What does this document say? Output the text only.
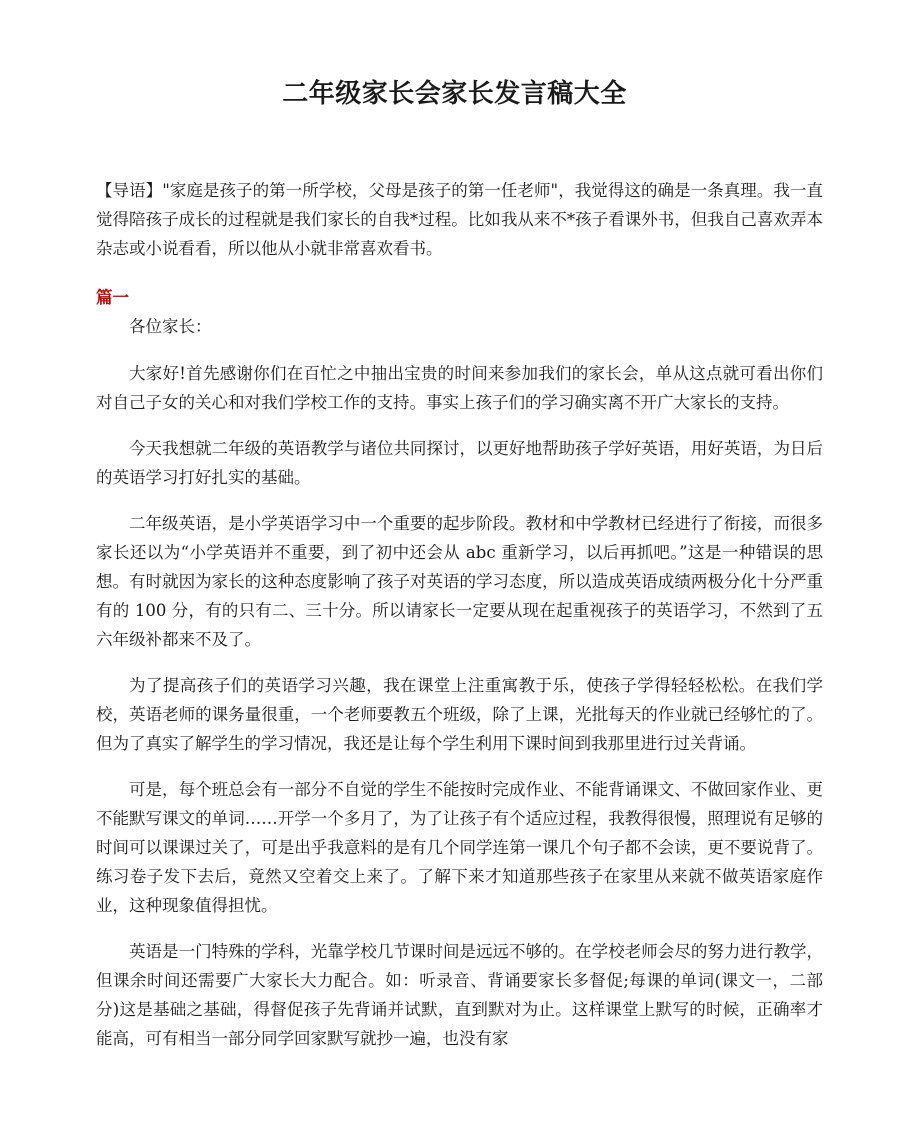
二年级家长会家长发言稿大全

【导语】"家庭是孩子的第一所学校，父母是孩子的第一任老师"，我觉得这的确是一条真理。我一直觉得陪孩子成长的过程就是我们家长的自我*过程。比如我从来不*孩子看课外书，但我自己喜欢弄本杂志或小说看看，所以他从小就非常喜欢看书。

篇一

各位家长：

大家好!首先感谢你们在百忙之中抽出宝贵的时间来参加我们的家长会，单从这点就可看出你们对自己子女的关心和对我们学校工作的支持。事实上孩子们的学习确实离不开广大家长的支持。

今天我想就二年级的英语教学与诸位共同探讨，以更好地帮助孩子学好英语，用好英语，为日后的英语学习打好扎实的基础。

二年级英语，是小学英语学习中一个重要的起步阶段。教材和中学教材已经进行了衔接，而很多家长还以为“小学英语并不重要，到了初中还会从 abc 重新学习，以后再抓吧。”这是一种错误的思想。有时就因为家长的这种态度影响了孩子对英语的学习态度，所以造成英语成绩两极分化十分严重有的 100 分，有的只有二、三十分。所以请家长一定要从现在起重视孩子的英语学习，不然到了五六年级补都来不及了。

为了提高孩子们的英语学习兴趣，我在课堂上注重寓教于乐，使孩子学得轻轻松松。在我们学校，英语老师的课务量很重，一个老师要教五个班级，除了上课，光批每天的作业就已经够忙的了。但为了真实了解学生的学习情况，我还是让每个学生利用下课时间到我那里进行过关背诵。

可是，每个班总会有一部分不自觉的学生不能按时完成作业、不能背诵课文、不做回家作业、更不能默写课文的单词……开学一个多月了，为了让孩子有个适应过程，我教得很慢，照理说有足够的时间可以课课过关了，可是出乎我意料的是有几个同学连第一课几个句子都不会读，更不要说背了。练习卷子发下去后，竟然又空着交上来了。了解下来才知道那些孩子在家里从来就不做英语家庭作业，这种现象值得担忧。

英语是一门特殊的学科，光靠学校几节课时间是远远不够的。在学校老师会尽的努力进行教学，但课余时间还需要广大家长大力配合。如：听录音、背诵要家长多督促;每课的单词(课文一，二部分)这是基础之基础，得督促孩子先背诵并试默，直到默对为止。这样课堂上默写的时候，正确率才能高，可有相当一部分同学回家默写就抄一遍，也没有家
